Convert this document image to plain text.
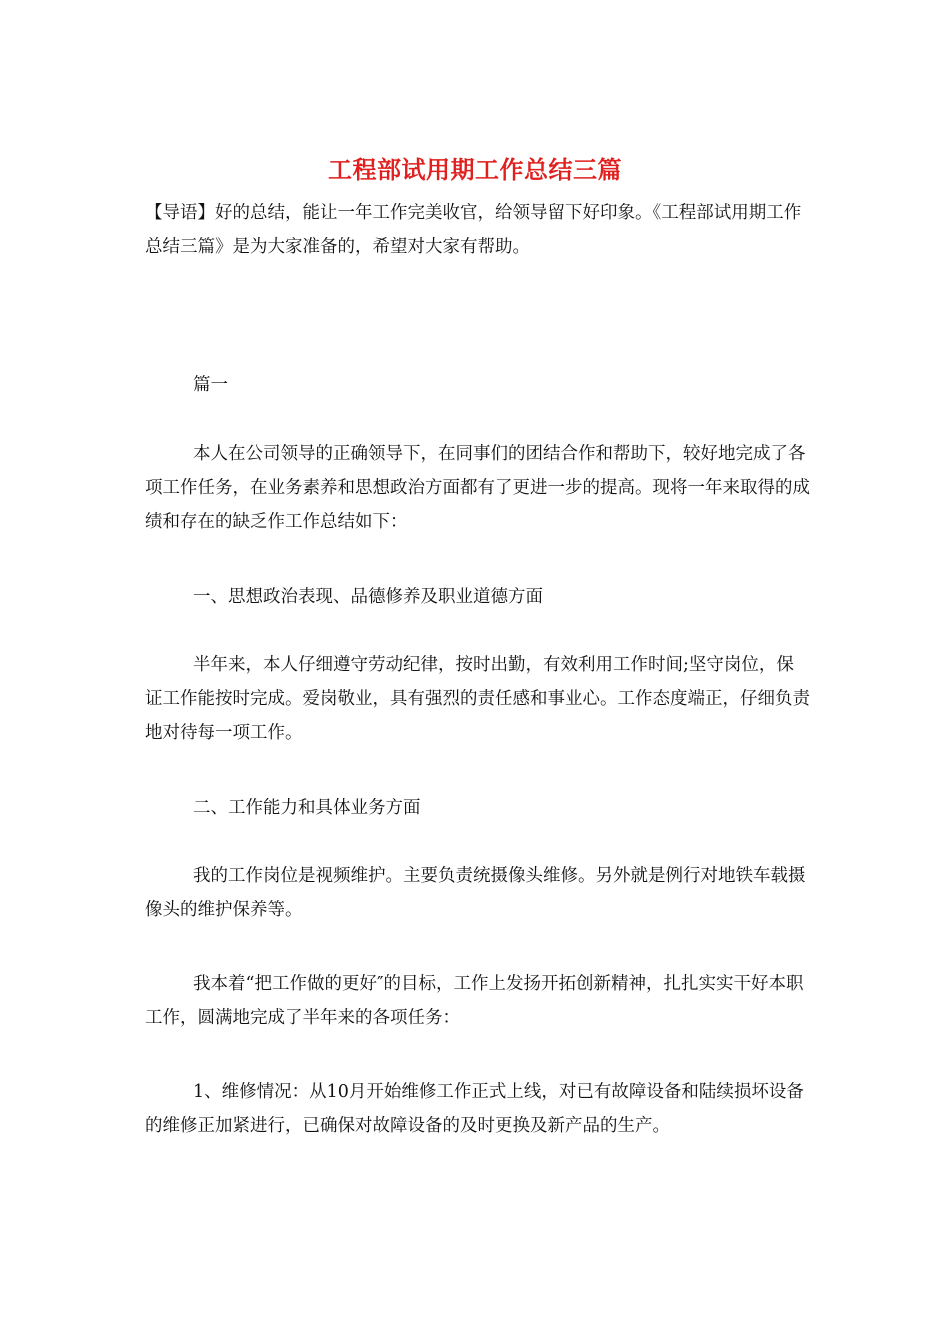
工程部试用期工作总结三篇
【导语】好的总结，能让一年工作完美收官，给领导留下好印象。《工程部试用期工作总结三篇》是为大家准备的，希望对大家有帮助。
篇一
本人在公司领导的正确领导下，在同事们的团结合作和帮助下，较好地完成了各项工作任务，在业务素养和思想政治方面都有了更进一步的提高。现将一年来取得的成绩和存在的缺乏作工作总结如下：
一、思想政治表现、品德修养及职业道德方面
半年来，本人仔细遵守劳动纪律，按时出勤，有效利用工作时间;坚守岗位，保证工作能按时完成。爱岗敬业，具有强烈的责任感和事业心。工作态度端正，仔细负责地对待每一项工作。
二、工作能力和具体业务方面
我的工作岗位是视频维护。主要负责统摄像头维修。另外就是例行对地铁车载摄像头的维护保养等。
我本着“把工作做的更好″的目标，工作上发扬开拓创新精神，扎扎实实干好本职工作，圆满地完成了半年来的各项任务：
1、维修情况：从10月开始维修工作正式上线，对已有故障设备和陆续损坏设备的维修正加紧进行，已确保对故障设备的及时更换及新产品的生产。
